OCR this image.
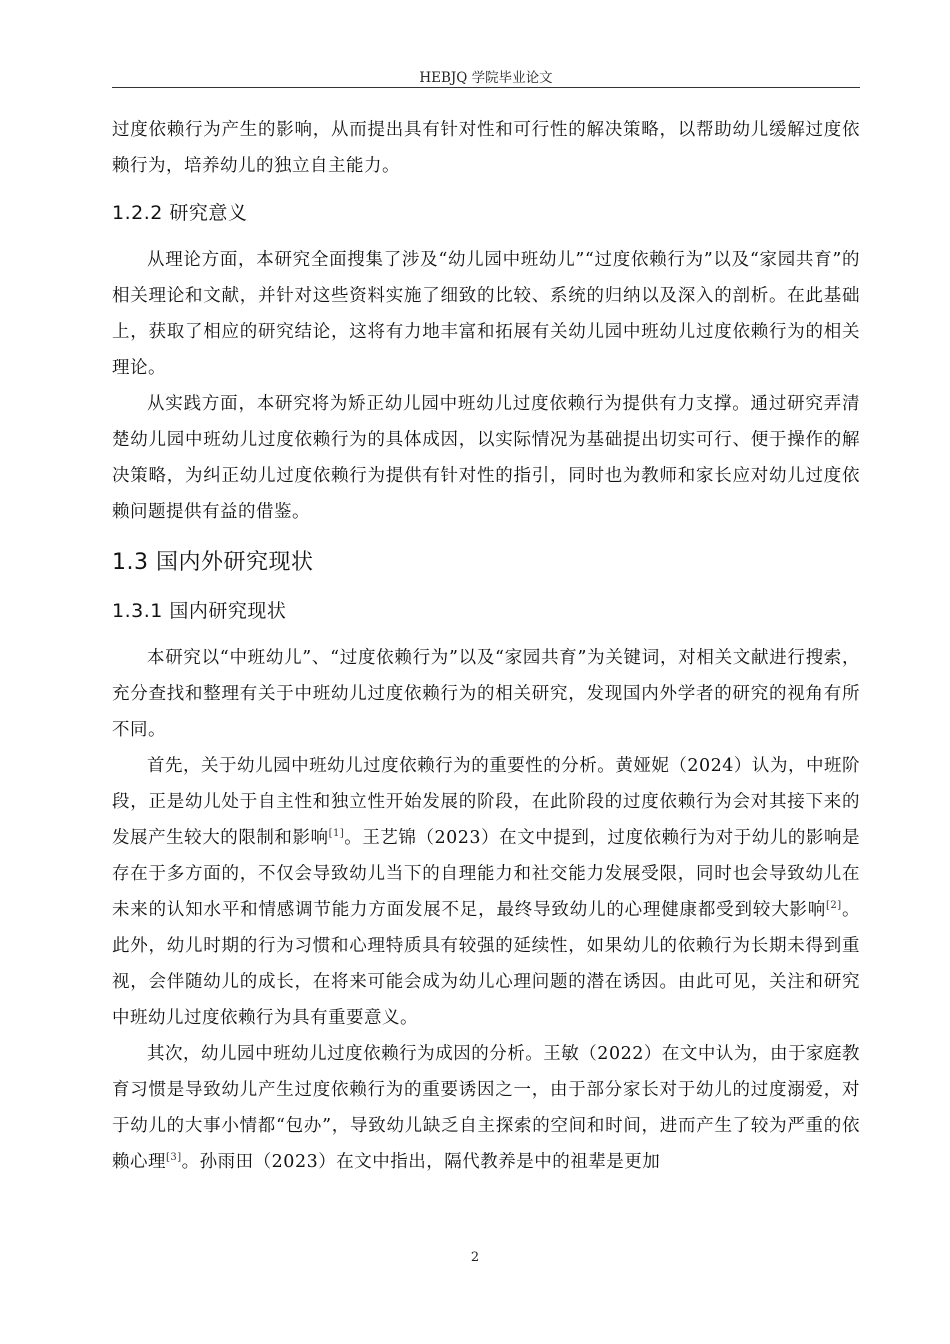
HEBJQ 学院毕业论文

过度依赖行为产生的影响，从而提出具有针对性和可行性的解决策略，以帮助幼儿缓解过度依赖行为，培养幼儿的独立自主能力。

1.2.2 研究意义

从理论方面，本研究全面搜集了涉及“幼儿园中班幼儿”“过度依赖行为”以及“家园共育”的相关理论和文献，并针对这些资料实施了细致的比较、系统的归纳以及深入的剖析。在此基础上，获取了相应的研究结论，这将有力地丰富和拓展有关幼儿园中班幼儿过度依赖行为的相关理论。

从实践方面，本研究将为矫正幼儿园中班幼儿过度依赖行为提供有力支撑。通过研究弄清楚幼儿园中班幼儿过度依赖行为的具体成因，以实际情况为基础提出切实可行、便于操作的解决策略，为纠正幼儿过度依赖行为提供有针对性的指引，同时也为教师和家长应对幼儿过度依赖问题提供有益的借鉴。

1.3 国内外研究现状
1.3.1 国内研究现状

本研究以“中班幼儿”、“过度依赖行为”以及“家园共育”为关键词，对相关文献进行搜索，充分查找和整理有关于中班幼儿过度依赖行为的相关研究，发现国内外学者的研究的视角有所不同。

首先，关于幼儿园中班幼儿过度依赖行为的重要性的分析。黄娅妮（2024）认为，中班阶段，正是幼儿处于自主性和独立性开始发展的阶段，在此阶段的过度依赖行为会对其接下来的发展产生较大的限制和影响[1]。王艺锦（2023）在文中提到，过度依赖行为对于幼儿的影响是存在于多方面的，不仅会导致幼儿当下的自理能力和社交能力发展受限，同时也会导致幼儿在未来的认知水平和情感调节能力方面发展不足，最终导致幼儿的心理健康都受到较大影响[2]。此外，幼儿时期的行为习惯和心理特质具有较强的延续性，如果幼儿的依赖行为长期未得到重视，会伴随幼儿的成长，在将来可能会成为幼儿心理问题的潜在诱因。由此可见，关注和研究中班幼儿过度依赖行为具有重要意义。

其次，幼儿园中班幼儿过度依赖行为成因的分析。王敏（2022）在文中认为，由于家庭教育习惯是导致幼儿产生过度依赖行为的重要诱因之一，由于部分家长对于幼儿的过度溺爱，对于幼儿的大事小情都“包办”，导致幼儿缺乏自主探索的空间和时间，进而产生了较为严重的依赖心理[3]。孙雨田（2023）在文中指出，隔代教养是中的祖辈是更加

2
